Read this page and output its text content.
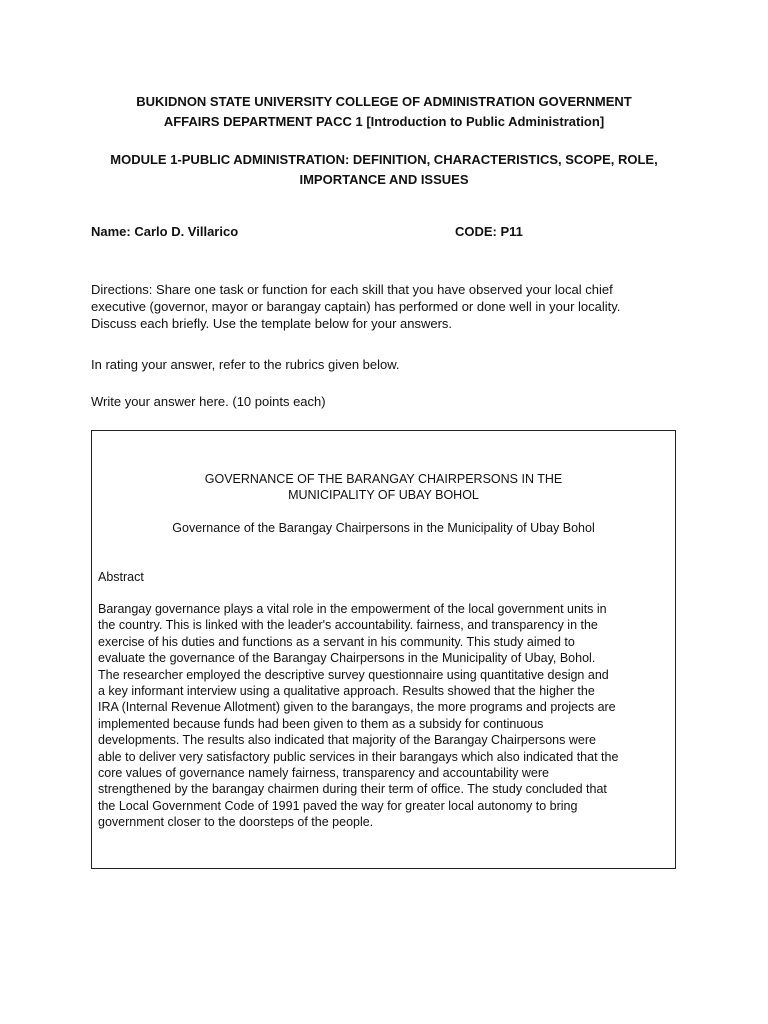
BUKIDNON STATE UNIVERSITY COLLEGE OF ADMINISTRATION GOVERNMENT
AFFAIRS DEPARTMENT PACC 1 [Introduction to Public Administration]
MODULE 1-PUBLIC ADMINISTRATION: DEFINITION, CHARACTERISTICS, SCOPE, ROLE,
IMPORTANCE AND ISSUES
Name: Carlo D. Villarico	CODE: P11
Directions: Share one task or function for each skill that you have observed your local chief
executive (governor, mayor or barangay captain) has performed or done well in your locality.
Discuss each briefly. Use the template below for your answers.
In rating your answer, refer to the rubrics given below.
Write your answer here. (10 points each)
GOVERNANCE OF THE BARANGAY CHAIRPERSONS IN THE
MUNICIPALITY OF UBAY BOHOL
Governance of the Barangay Chairpersons in the Municipality of Ubay Bohol
Abstract
Barangay governance plays a vital role in the empowerment of the local government units in
the country. This is linked with the leader's accountability. fairness, and transparency in the
exercise of his duties and functions as a servant in his community. This study aimed to
evaluate the governance of the Barangay Chairpersons in the Municipality of Ubay, Bohol.
The researcher employed the descriptive survey questionnaire using quantitative design and
a key informant interview using a qualitative approach. Results showed that the higher the
IRA (Internal Revenue Allotment) given to the barangays, the more programs and projects are
implemented because funds had been given to them as a subsidy for continuous
developments. The results also indicated that majority of the Barangay Chairpersons were
able to deliver very satisfactory public services in their barangays which also indicated that the
core values of governance namely fairness, transparency and accountability were
strengthened by the barangay chairmen during their term of office. The study concluded that
the Local Government Code of 1991 paved the way for greater local autonomy to bring
government closer to the doorsteps of the people.
